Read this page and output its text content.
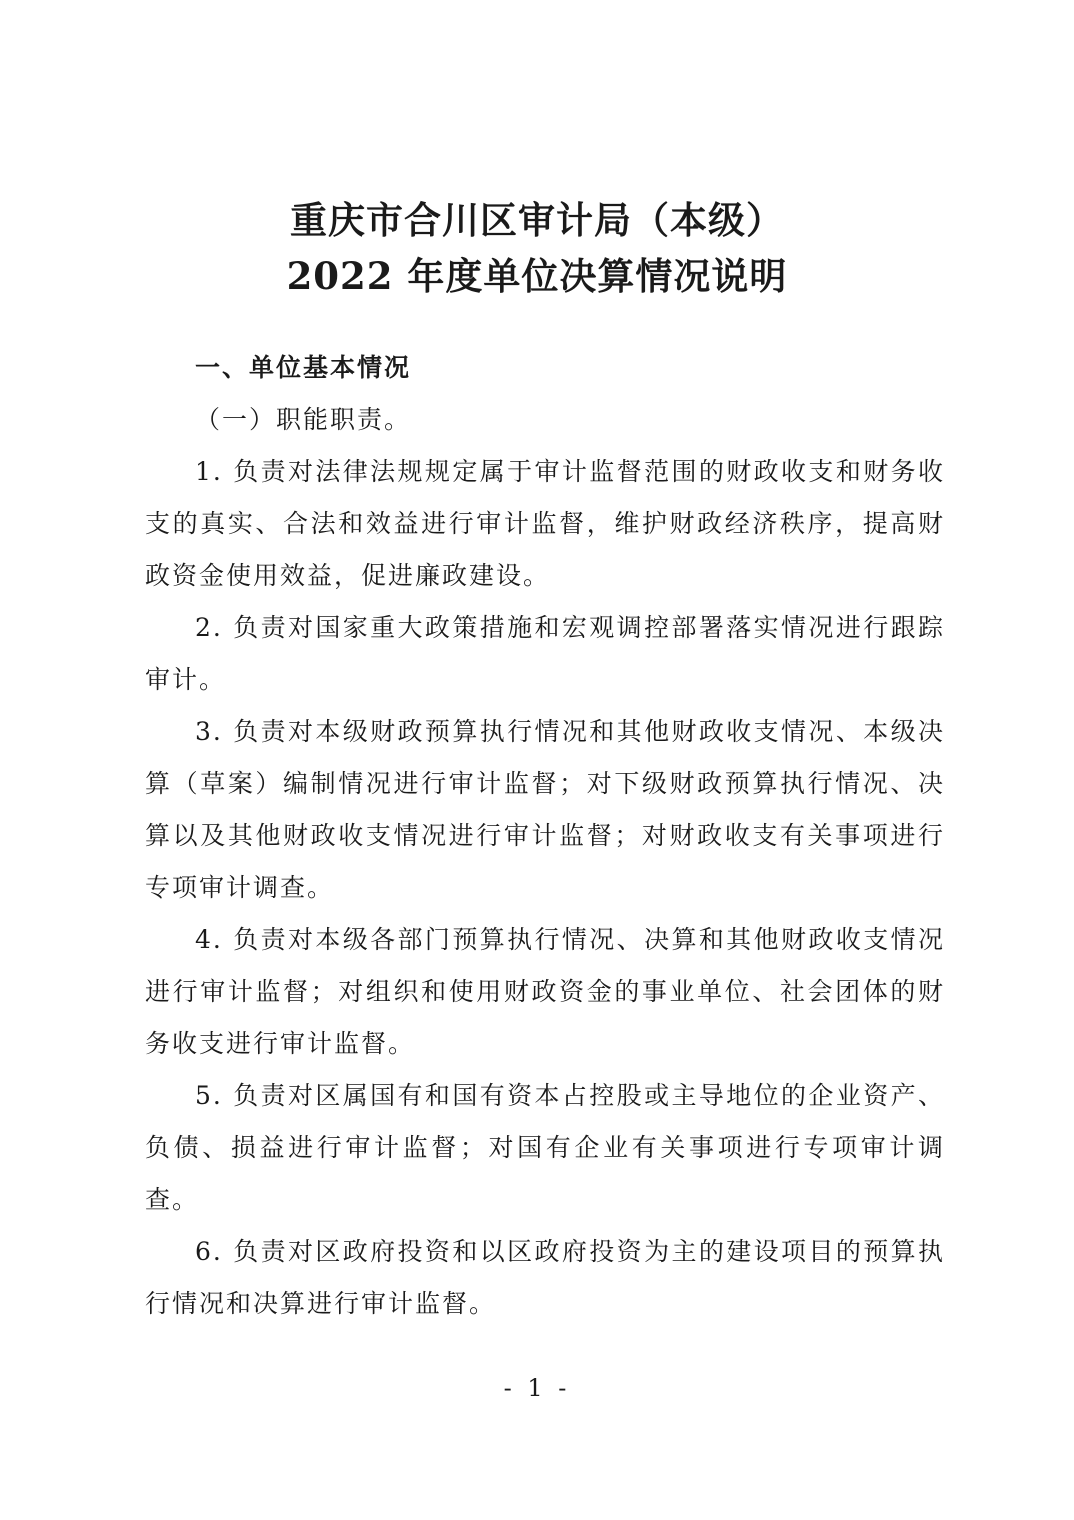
重庆市合川区审计局（本级）
2022 年度单位决算情况说明

一、单位基本情况

（一）职能职责。

1. 负责对法律法规规定属于审计监督范围的财政收支和财务收支的真实、合法和效益进行审计监督，维护财政经济秩序，提高财政资金使用效益，促进廉政建设。

2. 负责对国家重大政策措施和宏观调控部署落实情况进行跟踪审计。

3. 负责对本级财政预算执行情况和其他财政收支情况、本级决算（草案）编制情况进行审计监督；对下级财政预算执行情况、决算以及其他财政收支情况进行审计监督；对财政收支有关事项进行专项审计调查。

4. 负责对本级各部门预算执行情况、决算和其他财政收支情况进行审计监督；对组织和使用财政资金的事业单位、社会团体的财务收支进行审计监督。

5. 负责对区属国有和国有资本占控股或主导地位的企业资产、负债、损益进行审计监督；对国有企业有关事项进行专项审计调查。

6. 负责对区政府投资和以区政府投资为主的建设项目的预算执行情况和决算进行审计监督。

- 1 -
